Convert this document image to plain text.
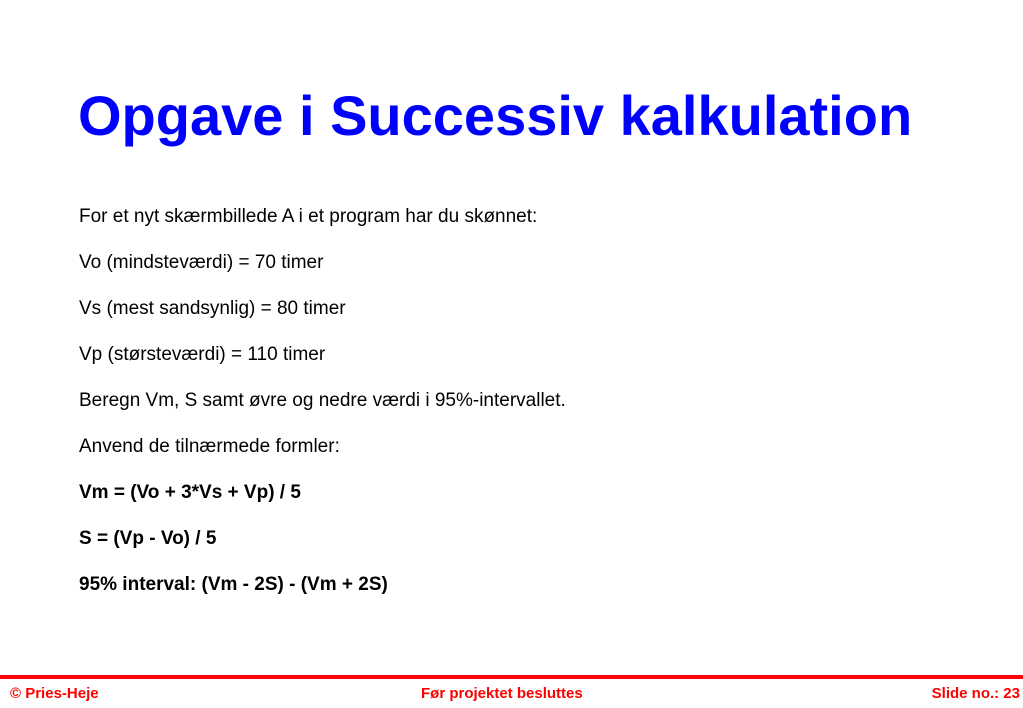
Opgave i Successiv kalkulation
For et nyt skærmbillede A i et program har du skønnet:
Vo (mindsteværdi) = 70 timer
Vs (mest sandsynlig) = 80 timer
Vp (størsteværdi) = 110 timer
Beregn Vm, S samt øvre og nedre værdi i 95%-intervallet.
Anvend de tilnærmede formler:
Vm = (Vo + 3*Vs + Vp) / 5
S = (Vp - Vo) / 5
95% interval: (Vm - 2S) - (Vm + 2S)
© Pries-Heje	Før projektet besluttes	Slide no.: 23
